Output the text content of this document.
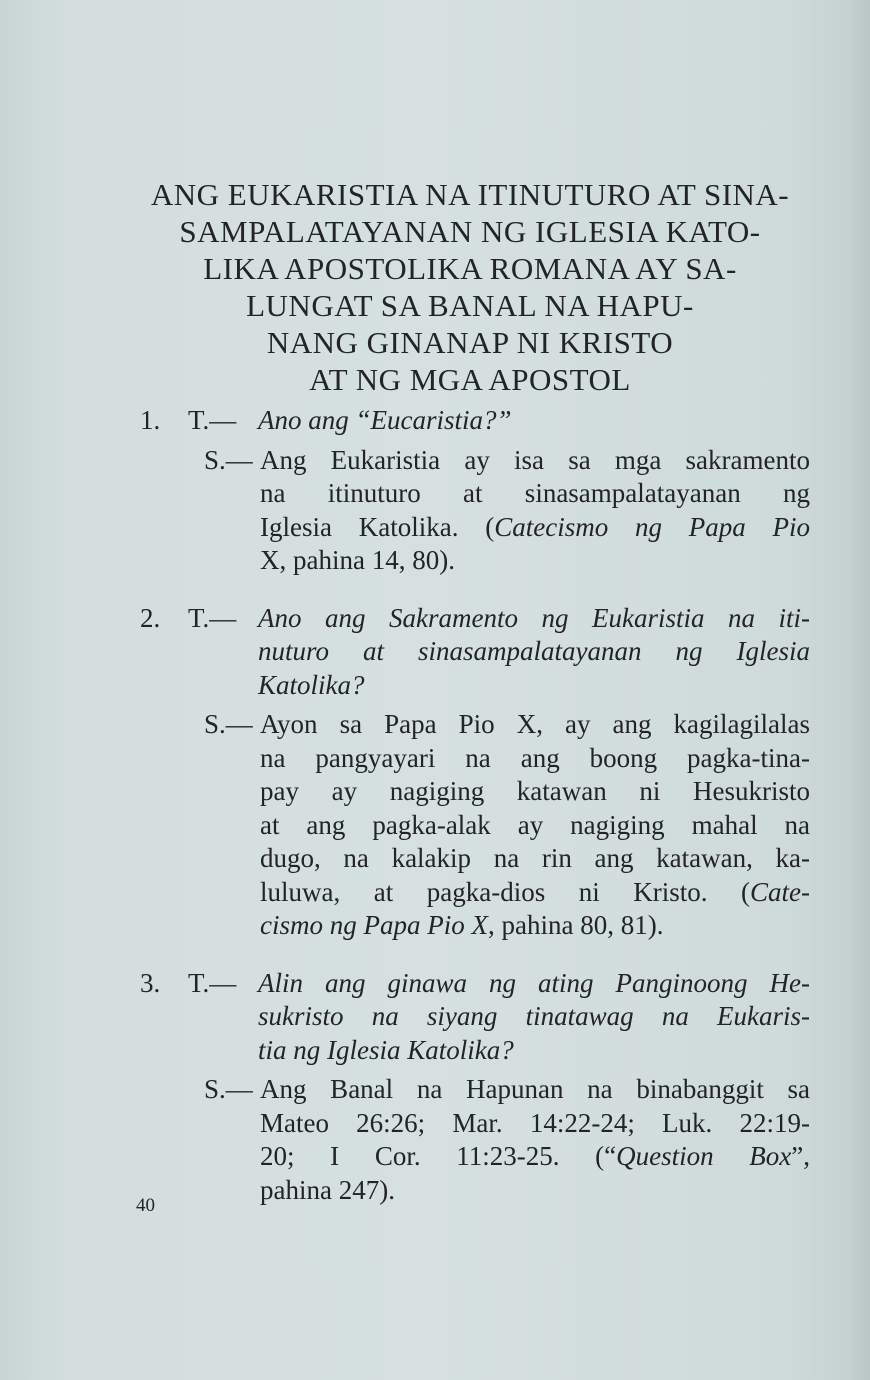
ANG EUKARISTIA NA ITINUTURO AT SINA-
SAMPALATAYANAN NG IGLESIA KATO-
LIKA APOSTOLIKA ROMANA AY SA-
LUNGAT SA BANAL NA HAPU-
NANG GINANAP NI KRISTO
AT NG MGA APOSTOL
1.	T.— Ano ang “Eucaristia?”
S.— Ang Eukaristia ay isa sa mga sakramento
na itinuturo at sinasampalatayanan ng
Iglesia Katolika. (Catecismo ng Papa Pio
X, pahina 14, 80).
2.	T.— Ano ang Sakramento ng Eukaristia na iti-
nuturo at sinasampalatayanan ng Iglesia
Katolika?
S.— Ayon sa Papa Pio X, ay ang kagilagilalas
na pangyayari na ang boong pagka-tina-
pay ay nagiging katawan ni Hesukristo
at ang pagka-alak ay nagiging mahal na
dugo, na kalakip na rin ang katawan, ka-
luluwa, at pagka-dios ni Kristo. (Cate-
cismo ng Papa Pio X, pahina 80, 81).
3.	T.— Alin ang ginawa ng ating Panginoong He-
sukristo na siyang tinatawag na Eukaris-
tia ng Iglesia Katolika?
S.— Ang Banal na Hapunan na binabanggit sa
Mateo 26:26; Mar. 14:22-24; Luk. 22:19-
20; I Cor. 11:23-25. (“Question Box”,
pahina 247).
40
